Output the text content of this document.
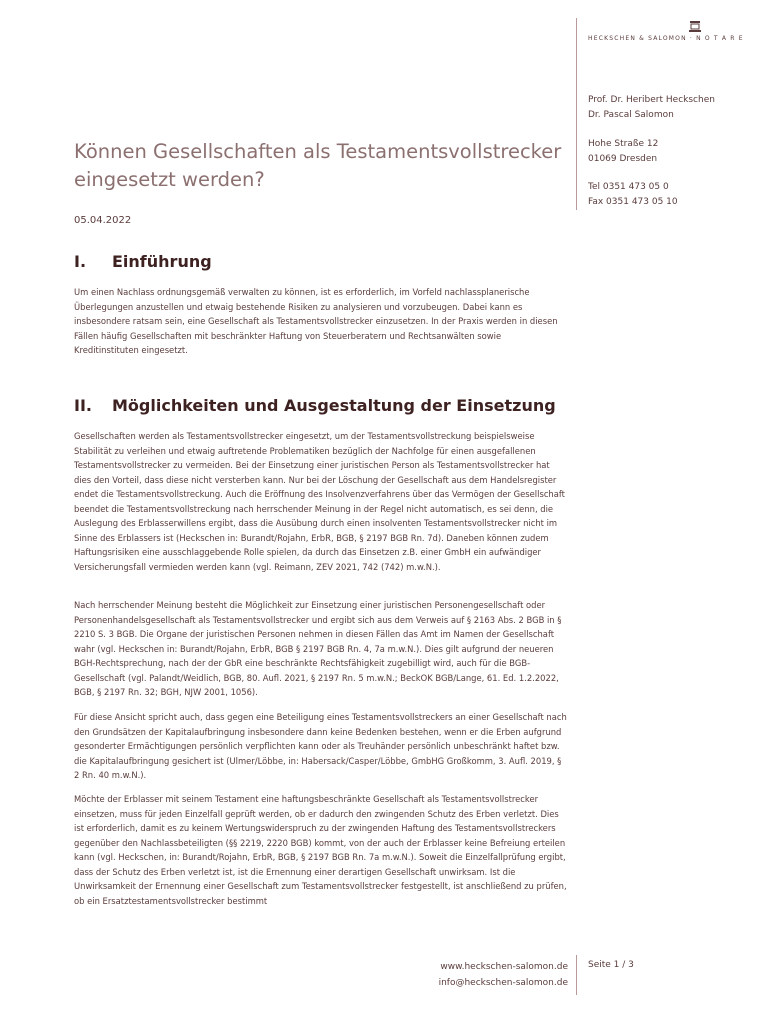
HECKSCHEN & SALOMON · N O T A R E
Prof. Dr. Heribert Heckschen
Dr. Pascal Salomon
Hohe Straße 12
01069 Dresden
Tel 0351 473 05 0
Fax 0351 473 05 10
Können Gesellschaften als Testamentsvollstrecker eingesetzt werden?
05.04.2022
I. Einführung

Um einen Nachlass ordnungsgemäß verwalten zu können, ist es erforderlich, im Vorfeld nachlassplanerische Überlegungen anzustellen und etwaig bestehende Risiken zu analysieren und vorzubeugen. Dabei kann es insbesondere ratsam sein, eine Gesellschaft als Testamentsvollstrecker einzusetzen. In der Praxis werden in diesen Fällen häufig Gesellschaften mit beschränkter Haftung von Steuerberatern und Rechtsanwälten sowie Kreditinstituten eingesetzt.

II. Möglichkeiten und Ausgestaltung der Einsetzung

Gesellschaften werden als Testamentsvollstrecker eingesetzt, um der Testamentsvollstreckung beispielsweise Stabilität zu verleihen und etwaig auftretende Problematiken bezüglich der Nachfolge für einen ausgefallenen Testamentsvollstrecker zu vermeiden. Bei der Einsetzung einer juristischen Person als Testamentsvollstrecker hat dies den Vorteil, dass diese nicht versterben kann. Nur bei der Löschung der Gesellschaft aus dem Handelsregister endet die Testamentsvollstreckung. Auch die Eröffnung des Insolvenzverfahrens über das Vermögen der Gesellschaft beendet die Testamentsvollstreckung nach herrschender Meinung in der Regel nicht automatisch, es sei denn, die Auslegung des Erblasserwillens ergibt, dass die Ausübung durch einen insolventen Testamentsvollstrecker nicht im Sinne des Erblassers ist (Heckschen in: Burandt/Rojahn, ErbR, BGB, § 2197 BGB Rn. 7d). Daneben können zudem Haftungsrisiken eine ausschlaggebende Rolle spielen, da durch das Einsetzen z.B. einer GmbH ein aufwändiger Versicherungsfall vermieden werden kann (vgl. Reimann, ZEV 2021, 742 (742) m.w.N.).

Nach herrschender Meinung besteht die Möglichkeit zur Einsetzung einer juristischen Personengesellschaft oder Personenhandelsgesellschaft als Testamentsvollstrecker und ergibt sich aus dem Verweis auf § 2163 Abs. 2 BGB in § 2210 S. 3 BGB. Die Organe der juristischen Personen nehmen in diesen Fällen das Amt im Namen der Gesellschaft wahr (vgl. Heckschen in: Burandt/Rojahn, ErbR, BGB § 2197 BGB Rn. 4, 7a m.w.N.). Dies gilt aufgrund der neueren BGH-Rechtsprechung, nach der der GbR eine beschränkte Rechtsfähigkeit zugebilligt wird, auch für die BGB-Gesellschaft (vgl. Palandt/Weidlich, BGB, 80. Aufl. 2021, § 2197 Rn. 5 m.w.N.; BeckOK BGB/Lange, 61. Ed. 1.2.2022, BGB, § 2197 Rn. 32; BGH, NJW 2001, 1056).

Für diese Ansicht spricht auch, dass gegen eine Beteiligung eines Testamentsvollstreckers an einer Gesellschaft nach den Grundsätzen der Kapitalaufbringung insbesondere dann keine Bedenken bestehen, wenn er die Erben aufgrund gesonderter Ermächtigungen persönlich verpflichten kann oder als Treuhänder persönlich unbeschränkt haftet bzw. die Kapitalaufbringung gesichert ist (Ulmer/Löbbe, in: Habersack/Casper/Löbbe, GmbHG Großkomm, 3. Aufl. 2019, § 2 Rn. 40 m.w.N.).

Möchte der Erblasser mit seinem Testament eine haftungsbeschränkte Gesellschaft als Testamentsvollstrecker einsetzen, muss für jeden Einzelfall geprüft werden, ob er dadurch den zwingenden Schutz des Erben verletzt. Dies ist erforderlich, damit es zu keinem Wertungswiderspruch zu der zwingenden Haftung des Testamentsvollstreckers gegenüber den Nachlassbeteiligten (§§ 2219, 2220 BGB) kommt, von der auch der Erblasser keine Befreiung erteilen kann (vgl. Heckschen, in: Burandt/Rojahn, ErbR, BGB, § 2197 BGB Rn. 7a m.w.N.). Soweit die Einzelfallprüfung ergibt, dass der Schutz des Erben verletzt ist, ist die Ernennung einer derartigen Gesellschaft unwirksam. Ist die Unwirksamkeit der Ernennung einer Gesellschaft zum Testamentsvollstrecker festgestellt, ist anschließend zu prüfen, ob ein Ersatztestamentsvollstrecker bestimmt

www.heckschen-salomon.de
info@heckschen-salomon.de
Seite 1 / 3
